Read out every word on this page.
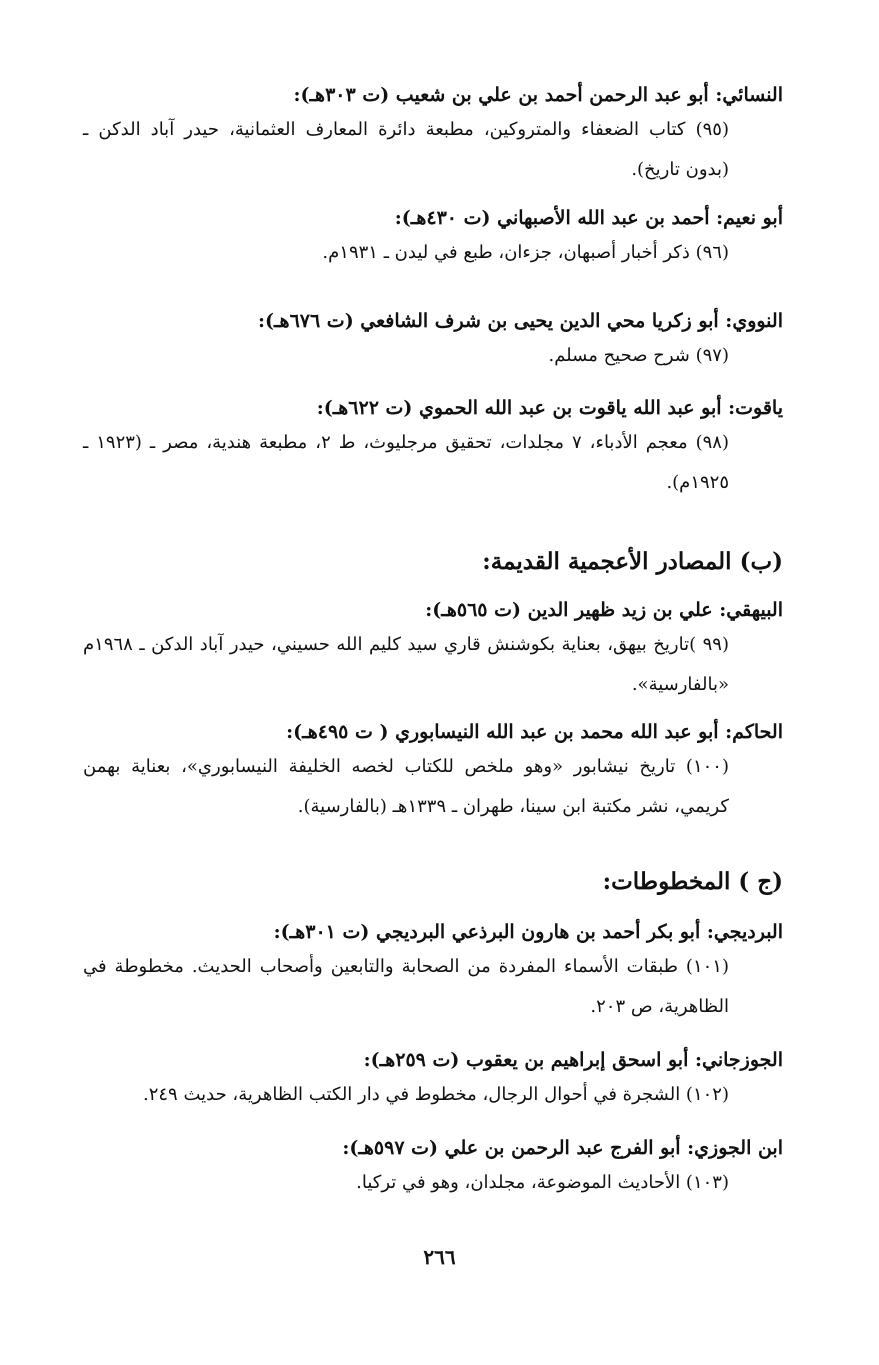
النسائي: أبو عبد الرحمن أحمد بن علي بن شعيب (ت ٣٠٣هـ):
(٩٥) كتاب الضعفاء والمتروكين، مطبعة دائرة المعارف العثمانية، حيدر آباد الدكن ـ (بدون تاريخ).
أبو نعيم: أحمد بن عبد الله الأصبهاني (ت ٤٣٠هـ):
(٩٦) ذكر أخبار أصبهان، جزءان، طبع في ليدن ـ ١٩٣١م.
النووي: أبو زكريا محي الدين يحيى بن شرف الشافعي (ت ٦٧٦هـ):
(٩٧) شرح صحيح مسلم.
ياقوت: أبو عبد الله ياقوت بن عبد الله الحموي (ت ٦٢٢هـ):
(٩٨) معجم الأدباء، ٧ مجلدات، تحقيق مرجليوث، ط ٢، مطبعة هندية، مصر ـ (١٩٢٣ ـ ١٩٢٥م).
(ب) المصادر الأعجمية القديمة:
البيهقي: علي بن زيد ظهير الدين (ت ٥٦٥هـ):
(٩٩ )تاريخ بيهق، بعناية بكوشنش قاري سيد كليم الله حسيني، حيدر آباد الدكن ـ ١٩٦٨م «بالفارسية».
الحاكم: أبو عبد الله محمد بن عبد الله النيسابوري ( ت ٤٩٥هـ):
(١٠٠) تاريخ نيشابور «وهو ملخص للكتاب لخصه الخليفة النيسابوري»، بعناية بهمن كريمي، نشر مكتبة ابن سينا، طهران ـ ١٣٣٩هـ (بالفارسية).
(ج ) المخطوطات:
البرديجي: أبو بكر أحمد بن هارون البرذعي البرديجي (ت ٣٠١هـ):
(١٠١) طبقات الأسماء المفردة من الصحابة والتابعين وأصحاب الحديث. مخطوطة في الظاهرية، ص ٢٠٣.
الجوزجاني: أبو اسحق إبراهيم بن يعقوب (ت ٢٥٩هـ):
(١٠٢) الشجرة في أحوال الرجال، مخطوط في دار الكتب الظاهرية، حديث ٢٤٩.
ابن الجوزي: أبو الفرج عبد الرحمن بن علي (ت ٥٩٧هـ):
(١٠٣) الأحاديث الموضوعة، مجلدان، وهو في تركيا.
٢٦٦
